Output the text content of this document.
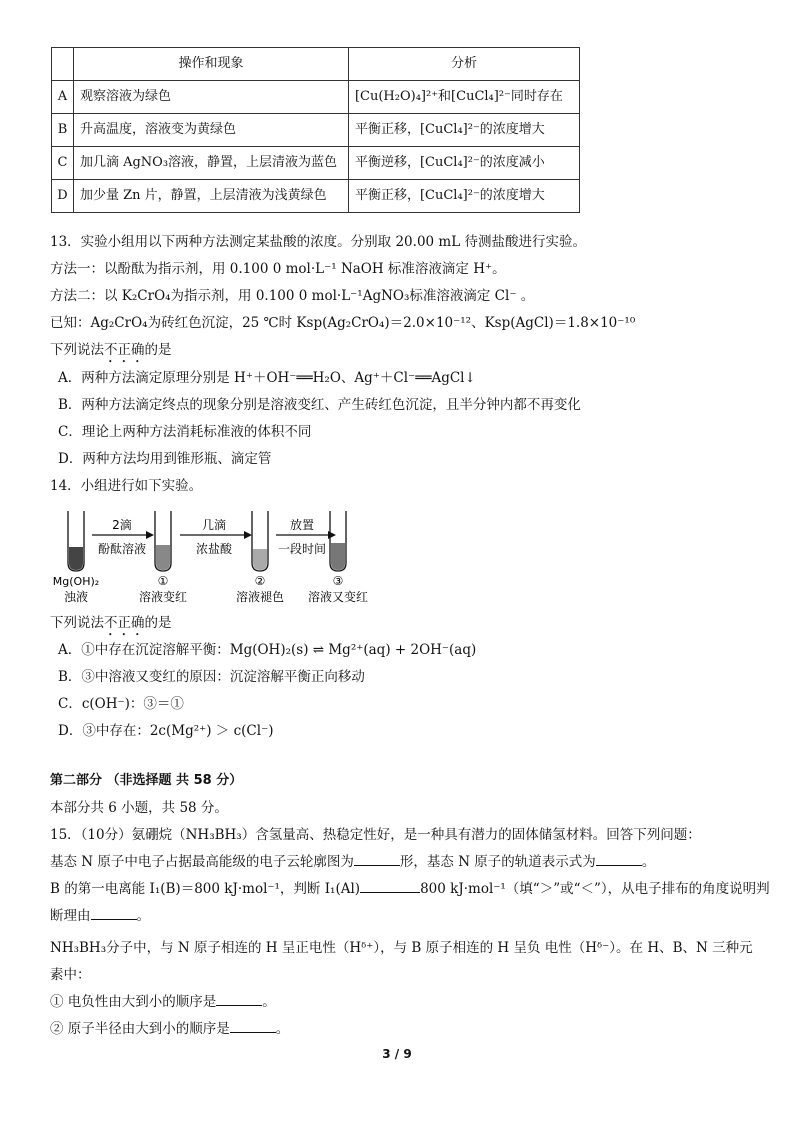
	操作和现象	分析
A	观察溶液为绿色	[Cu(H₂O)₄]²⁺和[CuCl₄]²⁻同时存在
B	升高温度，溶液变为黄绿色	平衡正移，[CuCl₄]²⁻的浓度增大
C	加几滴 AgNO₃溶液，静置，上层清液为蓝色	平衡逆移，[CuCl₄]²⁻的浓度减小
D	加少量 Zn 片，静置，上层清液为浅黄绿色	平衡正移，[CuCl₄]²⁻的浓度增大
13．实验小组用以下两种方法测定某盐酸的浓度。分别取 20.00 mL 待测盐酸进行实验。
方法一：以酚酞为指示剂，用 0.100 0 mol·L⁻¹ NaOH 标准溶液滴定 H⁺。
方法二：以 K₂CrO₄为指示剂，用 0.100 0 mol·L⁻¹AgNO₃标准溶液滴定 Cl⁻ 。
已知：Ag₂CrO₄为砖红色沉淀，25 ℃时 Ksp(Ag₂CrO₄)＝2.0×10⁻¹²、Ksp(AgCl)＝1.8×10⁻¹⁰
下列说法不正确的是
A．两种方法滴定原理分别是 H⁺＋OH⁻══H₂O、Ag⁺＋Cl⁻══AgCl↓
B．两种方法滴定终点的现象分别是溶液变红、产生砖红色沉淀，且半分钟内都不再变化
C．理论上两种方法消耗标准液的体积不同
D．两种方法均用到锥形瓶、滴定管
14．小组进行如下实验。
2滴
酚酞溶液
几滴
浓盐酸
放置
一段时间
Mg(OH)₂
浊液
①
溶液变红
②
溶液褪色
③
溶液又变红
下列说法不正确的是
A．①中存在沉淀溶解平衡：Mg(OH)₂(s) ⇌ Mg²⁺(aq) + 2OH⁻(aq)
B．③中溶液又变红的原因：沉淀溶解平衡正向移动
C．c(OH⁻)：③＝①
D．③中存在：2c(Mg²⁺) ＞ c(Cl⁻)
第二部分 （非选择题 共 58 分）
本部分共 6 小题，共 58 分。
15．（10分）氨硼烷（NH₃BH₃）含氢量高、热稳定性好，是一种具有潜力的固体储氢材料。回答下列问题：
基态 N 原子中电子占据最高能级的电子云轮廓图为	形，基态 N 原子的轨道表示式为	。
B 的第一电离能 I₁(B)＝800 kJ·mol⁻¹，判断 I₁(Al)	800 kJ·mol⁻¹（填“＞”或“＜”），从电子排布的角度说明判
断理由	。
NH₃BH₃分子中，与 N 原子相连的 H 呈正电性（Hᵟ⁺），与 B 原子相连的 H 呈负 电性（Hᵟ⁻）。在 H、B、N 三种元
素中：
① 电负性由大到小的顺序是	。
② 原子半径由大到小的顺序是	。
3 / 9
